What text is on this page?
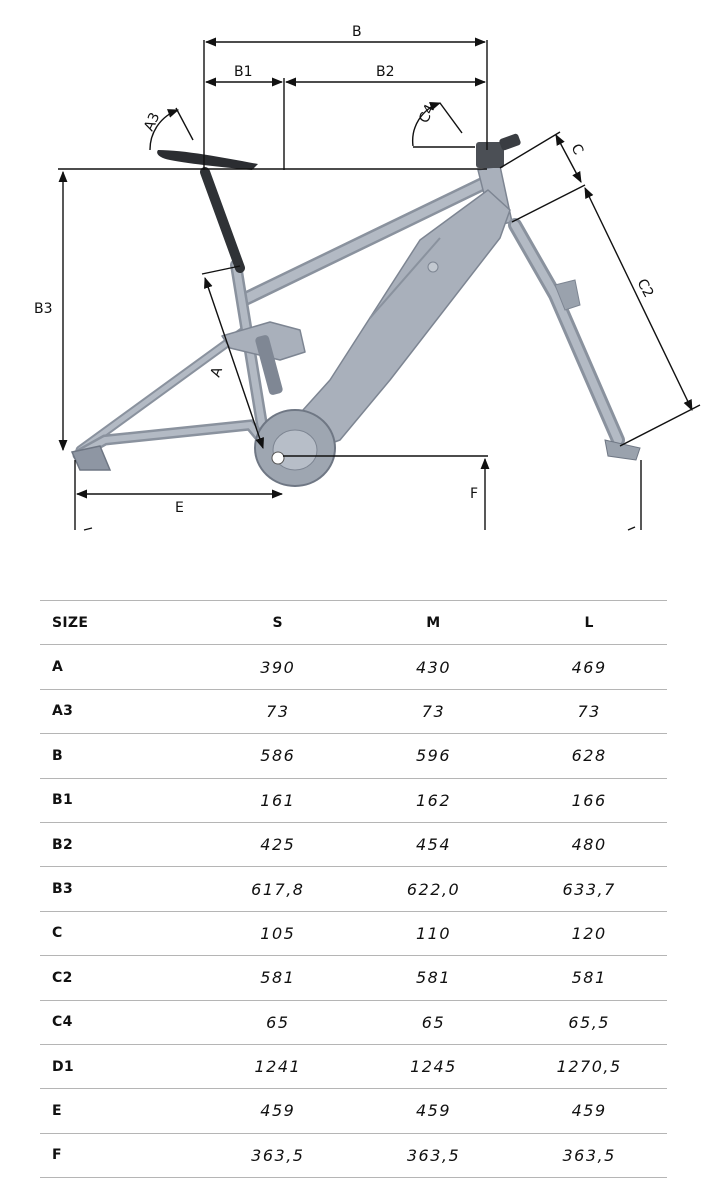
B
B1	B2
B3
A3	C4
A
C
C2
E
F
SIZE	S	M	L
A	390	430	469
A3	73	73	73
B	586	596	628
B1	161	162	166
B2	425	454	480
B3	617,8	622,0	633,7
C	105	110	120
C2	581	581	581
C4	65	65	65,5
D1	1241	1245	1270,5
E	459	459	459
F	363,5	363,5	363,5
